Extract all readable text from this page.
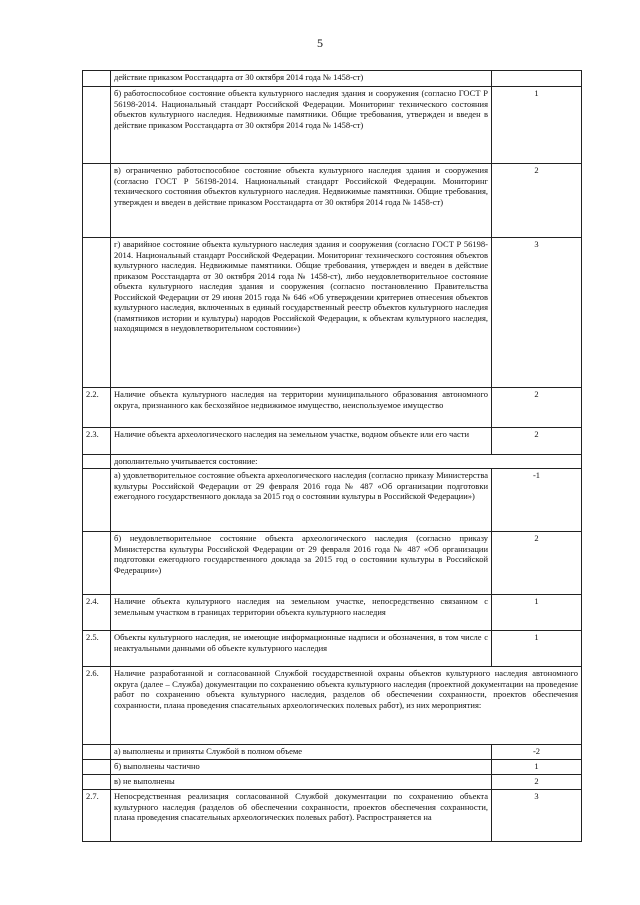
5
	действие приказом Росстандарта от 30 октября 2014 года № 1458-ст)	
	б) работоспособное состояние объекта культурного наследия здания и сооружения (согласно ГОСТ Р 56198-2014. Национальный стандарт Российской Федерации. Мониторинг технического состояния объектов культурного наследия. Недвижимые памятники. Общие требования, утвержден и введен в действие приказом Росстандарта от 30 октября 2014 года № 1458-ст)	1
	в) ограниченно работоспособное состояние объекта культурного наследия здания и сооружения (согласно ГОСТ Р 56198-2014. Национальный стандарт Российской Федерации. Мониторинг технического состояния объектов культурного наследия. Недвижимые памятники. Общие требования, утвержден и введен в действие приказом Росстандарта от 30 октября 2014 года № 1458-ст)	2
	г) аварийное состояние объекта культурного наследия здания и сооружения (согласно ГОСТ Р 56198-2014. Национальный стандарт Российской Федерации. Мониторинг технического состояния объектов культурного наследия. Недвижимые памятники. Общие требования, утвержден и введен в действие приказом Росстандарта от 30 октября 2014 года № 1458-ст), либо неудовлетворительное состояние объекта культурного наследия здания и сооружения (согласно постановлению Правительства Российской Федерации от 29 июня 2015 года № 646 «Об утверждении критериев отнесения объектов культурного наследия, включенных в единый государственный реестр объектов культурного наследия (памятников истории и культуры) народов Российской Федерации, к объектам культурного наследия, находящимся в неудовлетворительном состоянии»)	3
2.2.	Наличие объекта культурного наследия на территории муниципального образования автономного округа, признанного как бесхозяйное недвижимое имущество, неиспользуемое имущество	2
2.3.	Наличие объекта археологического наследия на земельном участке, водном объекте или его части	2
	дополнительно учитывается состояние:	
	а) удовлетворительное состояние объекта археологического наследия (согласно приказу Министерства культуры Российской Федерации от 29 февраля 2016 года № 487 «Об организации подготовки ежегодного государственного доклада за 2015 год о состоянии культуры в Российской Федерации»)	-1
	б) неудовлетворительное состояние объекта археологического наследия (согласно приказу Министерства культуры Российской Федерации от 29 февраля 2016 года № 487 «Об организации подготовки ежегодного государственного доклада за 2015 год о состоянии культуры в Российской Федерации»)	2
2.4.	Наличие объекта культурного наследия на земельном участке, непосредственно связанном с земельным участком в границах территории объекта культурного наследия	1
2.5.	Объекты культурного наследия, не имеющие информационные надписи и обозначения, в том числе с неактуальными данными об объекте культурного наследия	1
2.6.	Наличие разработанной и согласованной Службой государственной охраны объектов культурного наследия автономного округа (далее – Служба) документации по сохранению объекта культурного наследия (проектной документации на проведение работ по сохранению объекта культурного наследия, разделов об обеспечении сохранности, проектов обеспечения сохранности, плана проведения спасательных археологических полевых работ), из них мероприятия:	
	а) выполнены и приняты Службой в полном объеме	-2
	б) выполнены частично	1
	в) не выполнены	2
2.7.	Непосредственная реализация согласованной Службой документации по сохранению объекта культурного наследия (разделов об обеспечении сохранности, проектов обеспечения сохранности, плана проведения спасательных археологических полевых работ). Распространяется на	3
